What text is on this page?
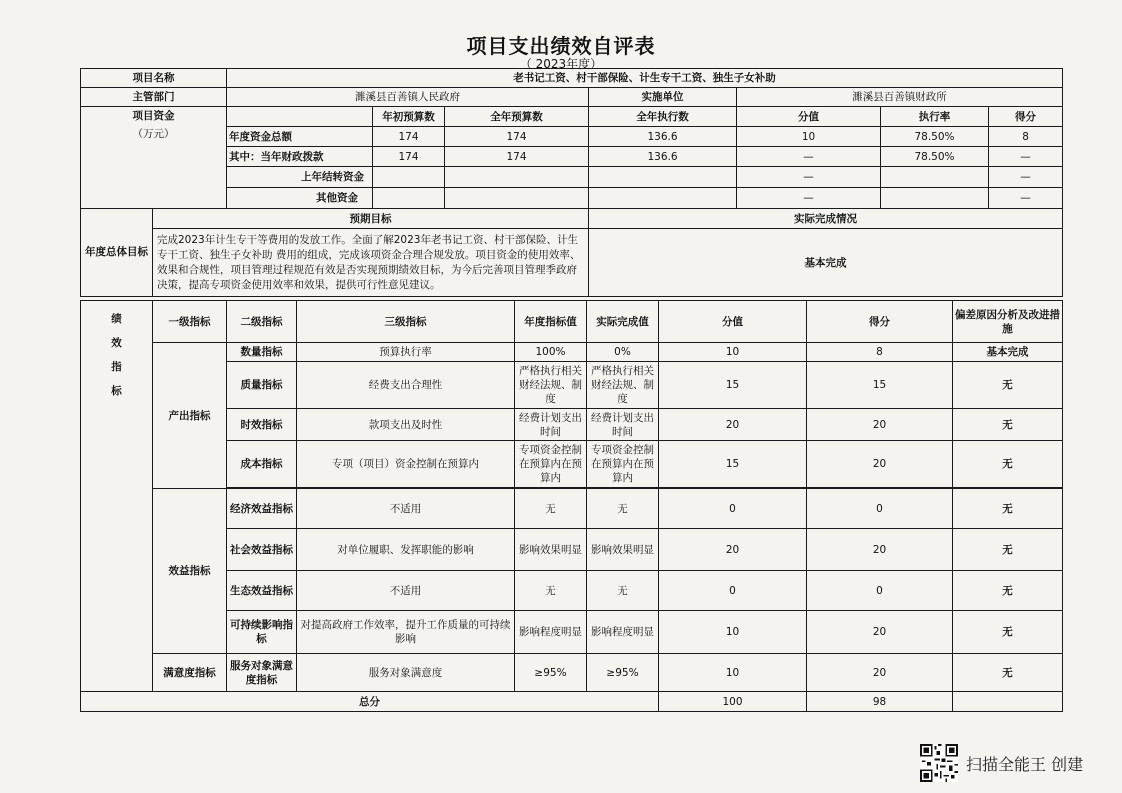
项目支出绩效自评表
（ 2023年度）
项目名称		老书记工资、村干部保险、计生专干工资、独生子女补助						
主管部门		濉溪县百善镇人民政府			实施单位	濉溪县百善镇财政所		

项目资金
（万元）			年初预算数	全年预算数	全年执行数	分值	执行率	得分
		年度资金总额	174	174	136.6	10	78.50%	8
		其中：当年财政拨款	174	174	136.6	—	78.50%	—
		上年结转资金				—		—
		其他资金				—		—
年度总体目标	预期目标				实际完成情况			
	完成2023年计生专干等费用的发放工作。全面了解2023年老书记工资、村干部保险、计生专干工资、独生子女补助 费用的组成，完成该项资金合理合规发放。项目资金的使用效率、效果和合规性，项目管理过程规范有效是否实现预期绩效目标，为今后完善项目管理季政府决策，提高专项资金使用效率和效果，提供可行性意见建议。				基本完成			
绩
效
指
标	一级指标	二级指标	三级指标	年度指标值	实际完成值	分值	得分	偏差原因分析及改进措施
	产出指标	数量指标	预算执行率	100%	0%	10	8	基本完成
		质量指标	经费支出合理性	严格执行相关财经法规、制度	严格执行相关财经法规、制度	15	15	无
		时效指标	款项支出及时性	经费计划支出时间	经费计划支出时间	20	20	无
		成本指标	专项（项目）资金控制在预算内	专项资金控制在预算内在预算内	专项资金控制在预算内在预算内	15	20	无

	效益指标	经济效益指标	不适用	无	无	0	0	无
		社会效益指标	对单位履职、发挥职能的影响	影响效果明显	影响效果明显	20	20	无
		生态效益指标	不适用	无	无	0	0	无
		可持续影响指标	对提高政府工作效率，提升工作质量的可持续影响	影响程度明显	影响程度明显	10	20	无
	满意度指标	服务对象满意度指标	服务对象满意度	≥95%	≥95%	10	20	无
总分						100	98	
扫描全能王 创建
